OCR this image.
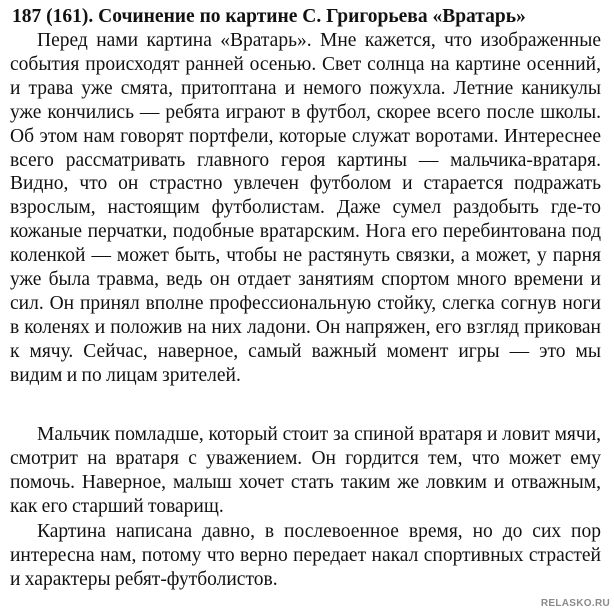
187 (161). Сочинение по картине С. Григорьева «Вратарь»

Перед нами картина «Вратарь». Мне кажется, что изображенные события происходят ранней осенью. Свет солнца на картине осенний, и трава уже смята, притоптана и немого пожухла. Летние каникулы уже кончились — ребята играют в футбол, скорее всего после школы. Об этом нам говорят портфели, которые служат воротами. Интереснее всего рассматривать главного героя картины — мальчика-вратаря. Видно, что он страстно увлечен футболом и старается подражать взрослым, настоящим футболистам. Даже сумел раздобыть где-то кожаные перчатки, подобные вратарским. Нога его перебинтована под коленкой — может быть, чтобы не растянуть связки, а может, у парня уже была травма, ведь он отдает занятиям спортом много времени и сил. Он принял вполне профессиональную стойку, слегка согнув ноги в коленях и положив на них ладони. Он напряжен, его взгляд прикован к мячу. Сейчас, наверное, самый важный момент игры — это мы видим и по лицам зрителей.

Мальчик помладше, который стоит за спиной вратаря и ловит мячи, смотрит на вратаря с уважением. Он гордится тем, что может ему помочь. Наверное, малыш хочет стать таким же ловким и отважным, как его старший товарищ.

Картина написана давно, в послевоенное время, но до сих пор интересна нам, потому что верно передает накал спортивных страстей и характеры ребят-футболистов.

RELASKO.RU
